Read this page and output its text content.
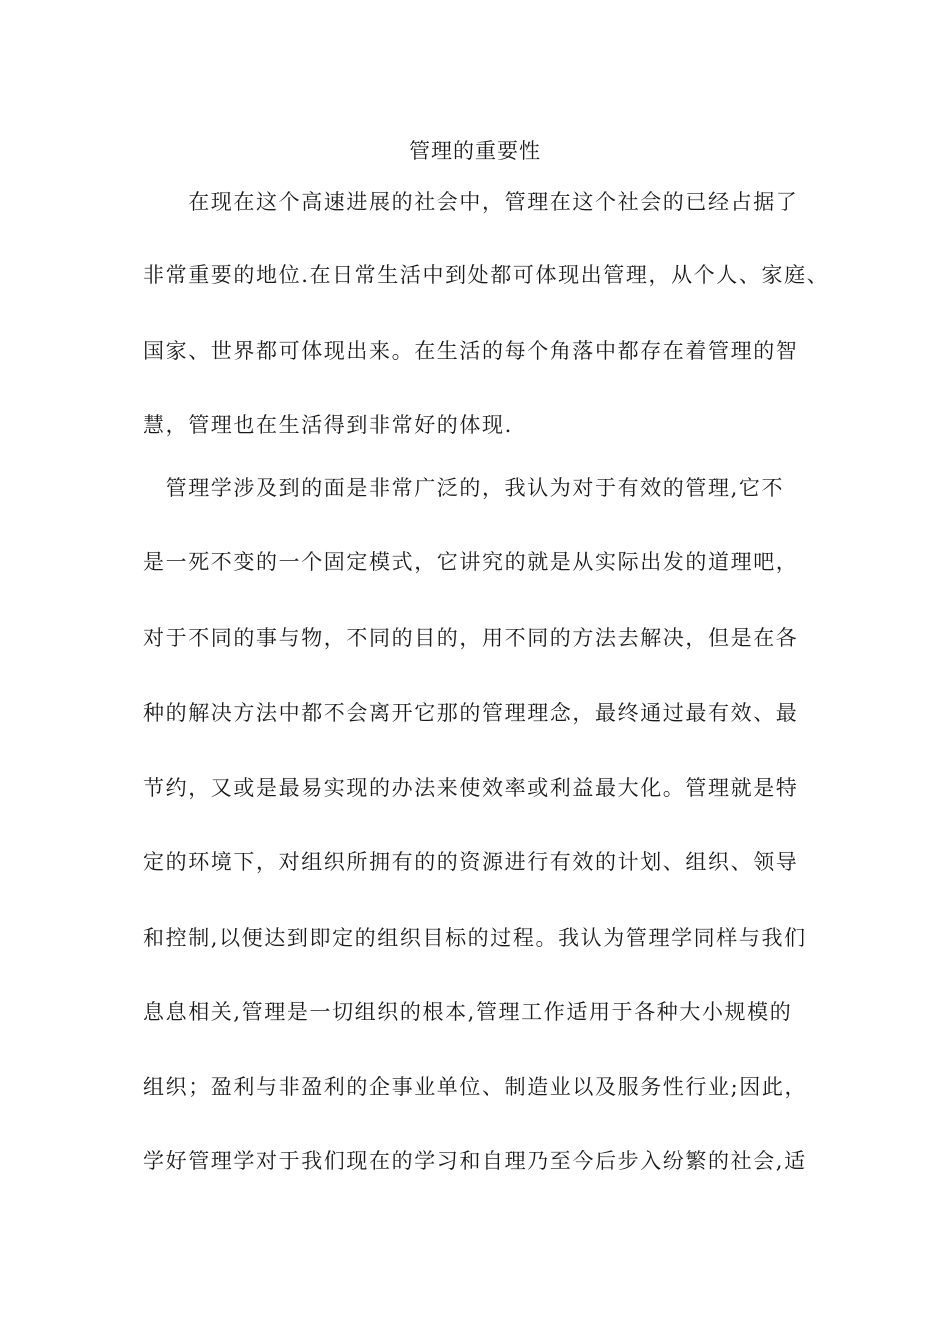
管理的重要性
　　在现在这个高速进展的社会中，管理在这个社会的已经占据了
非常重要的地位.在日常生活中到处都可体现出管理，从个人、家庭、
国家、世界都可体现出来。在生活的每个角落中都存在着管理的智
慧，管理也在生活得到非常好的体现.
　管理学涉及到的面是非常广泛的，我认为对于有效的管理,它不
是一死不变的一个固定模式，它讲究的就是从实际出发的道理吧，
对于不同的事与物，不同的目的，用不同的方法去解决，但是在各
种的解决方法中都不会离开它那的管理理念，最终通过最有效、最
节约，又或是最易实现的办法来使效率或利益最大化。管理就是特
定的环境下，对组织所拥有的的资源进行有效的计划、组织、领导
和控制,以便达到即定的组织目标的过程。我认为管理学同样与我们
息息相关,管理是一切组织的根本,管理工作适用于各种大小规模的
组织；盈利与非盈利的企事业单位、制造业以及服务性行业;因此，
学好管理学对于我们现在的学习和自理乃至今后步入纷繁的社会,适
